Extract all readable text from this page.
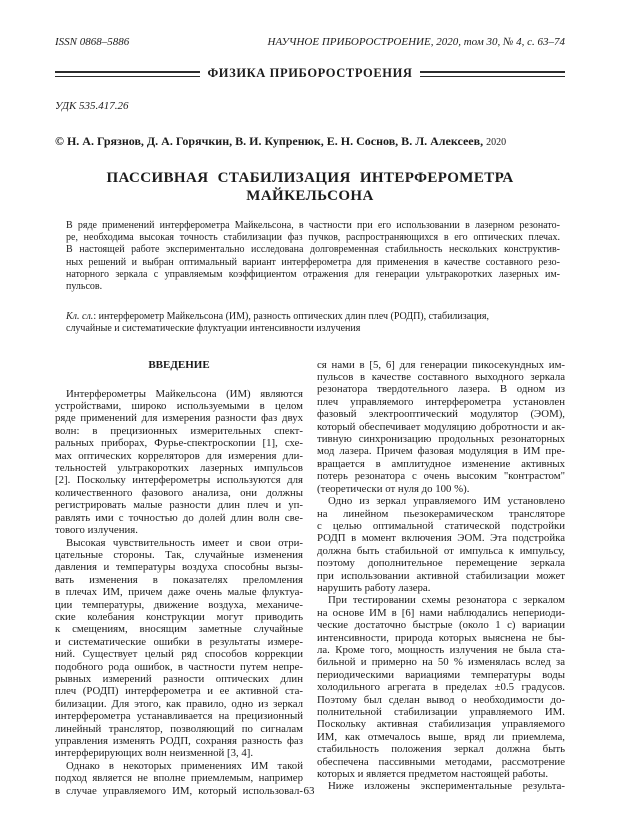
ISSN 0868–5886	НАУЧНОЕ ПРИБОРОСТРОЕНИЕ, 2020, том 30, № 4, с. 63–74
ФИЗИКА ПРИБОРОСТРОЕНИЯ
УДК 535.417.26
© Н. А. Грязнов, Д. А. Горячкин, В. И. Купренюк, Е. Н. Соснов, В. Л. Алексеев, 2020
ПАССИВНАЯ СТАБИЛИЗАЦИЯ ИНТЕРФЕРОМЕТРА
МАЙКЕЛЬСОНА
В ряде применений интерферометра Майкельсона, в частности при его использовании в лазерном резонато-
ре, необходима высокая точность стабилизации фаз пучков, распространяющихся в его оптических плечах.
В настоящей работе экспериментально исследована долговременная стабильность нескольких конструктив-
ных решений и выбран оптимальный вариант интерферометра для применения в качестве составного резо-
наторного зеркала с управляемым коэффициентом отражения для генерации ультракоротких лазерных им-
пульсов.
Кл. сл.: интерферометр Майкельсона (ИМ), разность оптических длин плеч (РОДП), стабилизация,
случайные и систематические флуктуации интенсивности излучения
ВВЕДЕНИЕ
Интерферометры Майкельсона (ИМ) являются
устройствами, широко используемыми в целом
ряде применений для измерения разности фаз двух
волн: в прецизионных измерительных спект-
ральных приборах, Фурье-спектроскопии [1], схе-
мах оптических корреляторов для измерения дли-
тельностей ультракоротких лазерных импульсов
[2]. Поскольку интерферометры используются для
количественного фазового анализа, они должны
регистрировать малые разности длин плеч и уп-
равлять ими с точностью до долей длин волн све-
тового излучения.
Высокая чувствительность имеет и свои отри-
цательные стороны. Так, случайные изменения
давления и температуры воздуха способны вызы-
вать изменения в показателях преломления
в плечах ИМ, причем даже очень малые флуктуа-
ции температуры, движение воздуха, механиче-
ские колебания конструкции могут приводить
к смещениям, вносящим заметные случайные
и систематические ошибки в результаты измере-
ний. Существует целый ряд способов коррекции
подобного рода ошибок, в частности путем непре-
рывных измерений разности оптических длин
плеч (РОДП) интерферометра и ее активной ста-
билизации. Для этого, как правило, одно из зеркал
интерферометра устанавливается на прецизионный
линейный транслятор, позволяющий по сигналам
управления изменять РОДП, сохраняя разность фаз
интерферирующих волн неизменной [3, 4].
Однако в некоторых применениях ИМ такой
подход является не вполне приемлемым, например
в случае управляемого ИМ, который использовал-
ся нами в [5, 6] для генерации пикосекундных им-
пульсов в качестве составного выходного зеркала
резонатора твердотельного лазера. В одном из
плеч управляемого интерферометра установлен
фазовый электрооптический модулятор (ЭОМ),
который обеспечивает модуляцию добротности и ак-
тивную синхронизацию продольных резонаторных
мод лазера. Причем фазовая модуляция в ИМ пре-
вращается в амплитудное изменение активных
потерь резонатора с очень высоким "контрастом"
(теоретически от нуля до 100 %).
Одно из зеркал управляемого ИМ установлено
на линейном пьезокерамическом трансляторе
с целью оптимальной статической подстройки
РОДП в момент включения ЭОМ. Эта подстройка
должна быть стабильной от импульса к импульсу,
поэтому дополнительное перемещение зеркала
при использовании активной стабилизации может
нарушить работу лазера.
При тестировании схемы резонатора с зеркалом
на основе ИМ в [6] нами наблюдались непериоди-
ческие достаточно быстрые (около 1 с) вариации
интенсивности, природа которых выяснена не бы-
ла. Кроме того, мощность излучения не была ста-
бильной и примерно на 50 % изменялась вслед за
периодическими вариациями температуры воды
холодильного агрегата в пределах ±0.5 градусов.
Поэтому был сделан вывод о необходимости до-
полнительной стабилизации управляемого ИМ.
Поскольку активная стабилизация управляемого
ИМ, как отмечалось выше, вряд ли приемлема,
стабильность положения зеркал должна быть
обеспечена пассивными методами, рассмотрение
которых и является предметом настоящей работы.
Ниже изложены экспериментальные результа-
63
